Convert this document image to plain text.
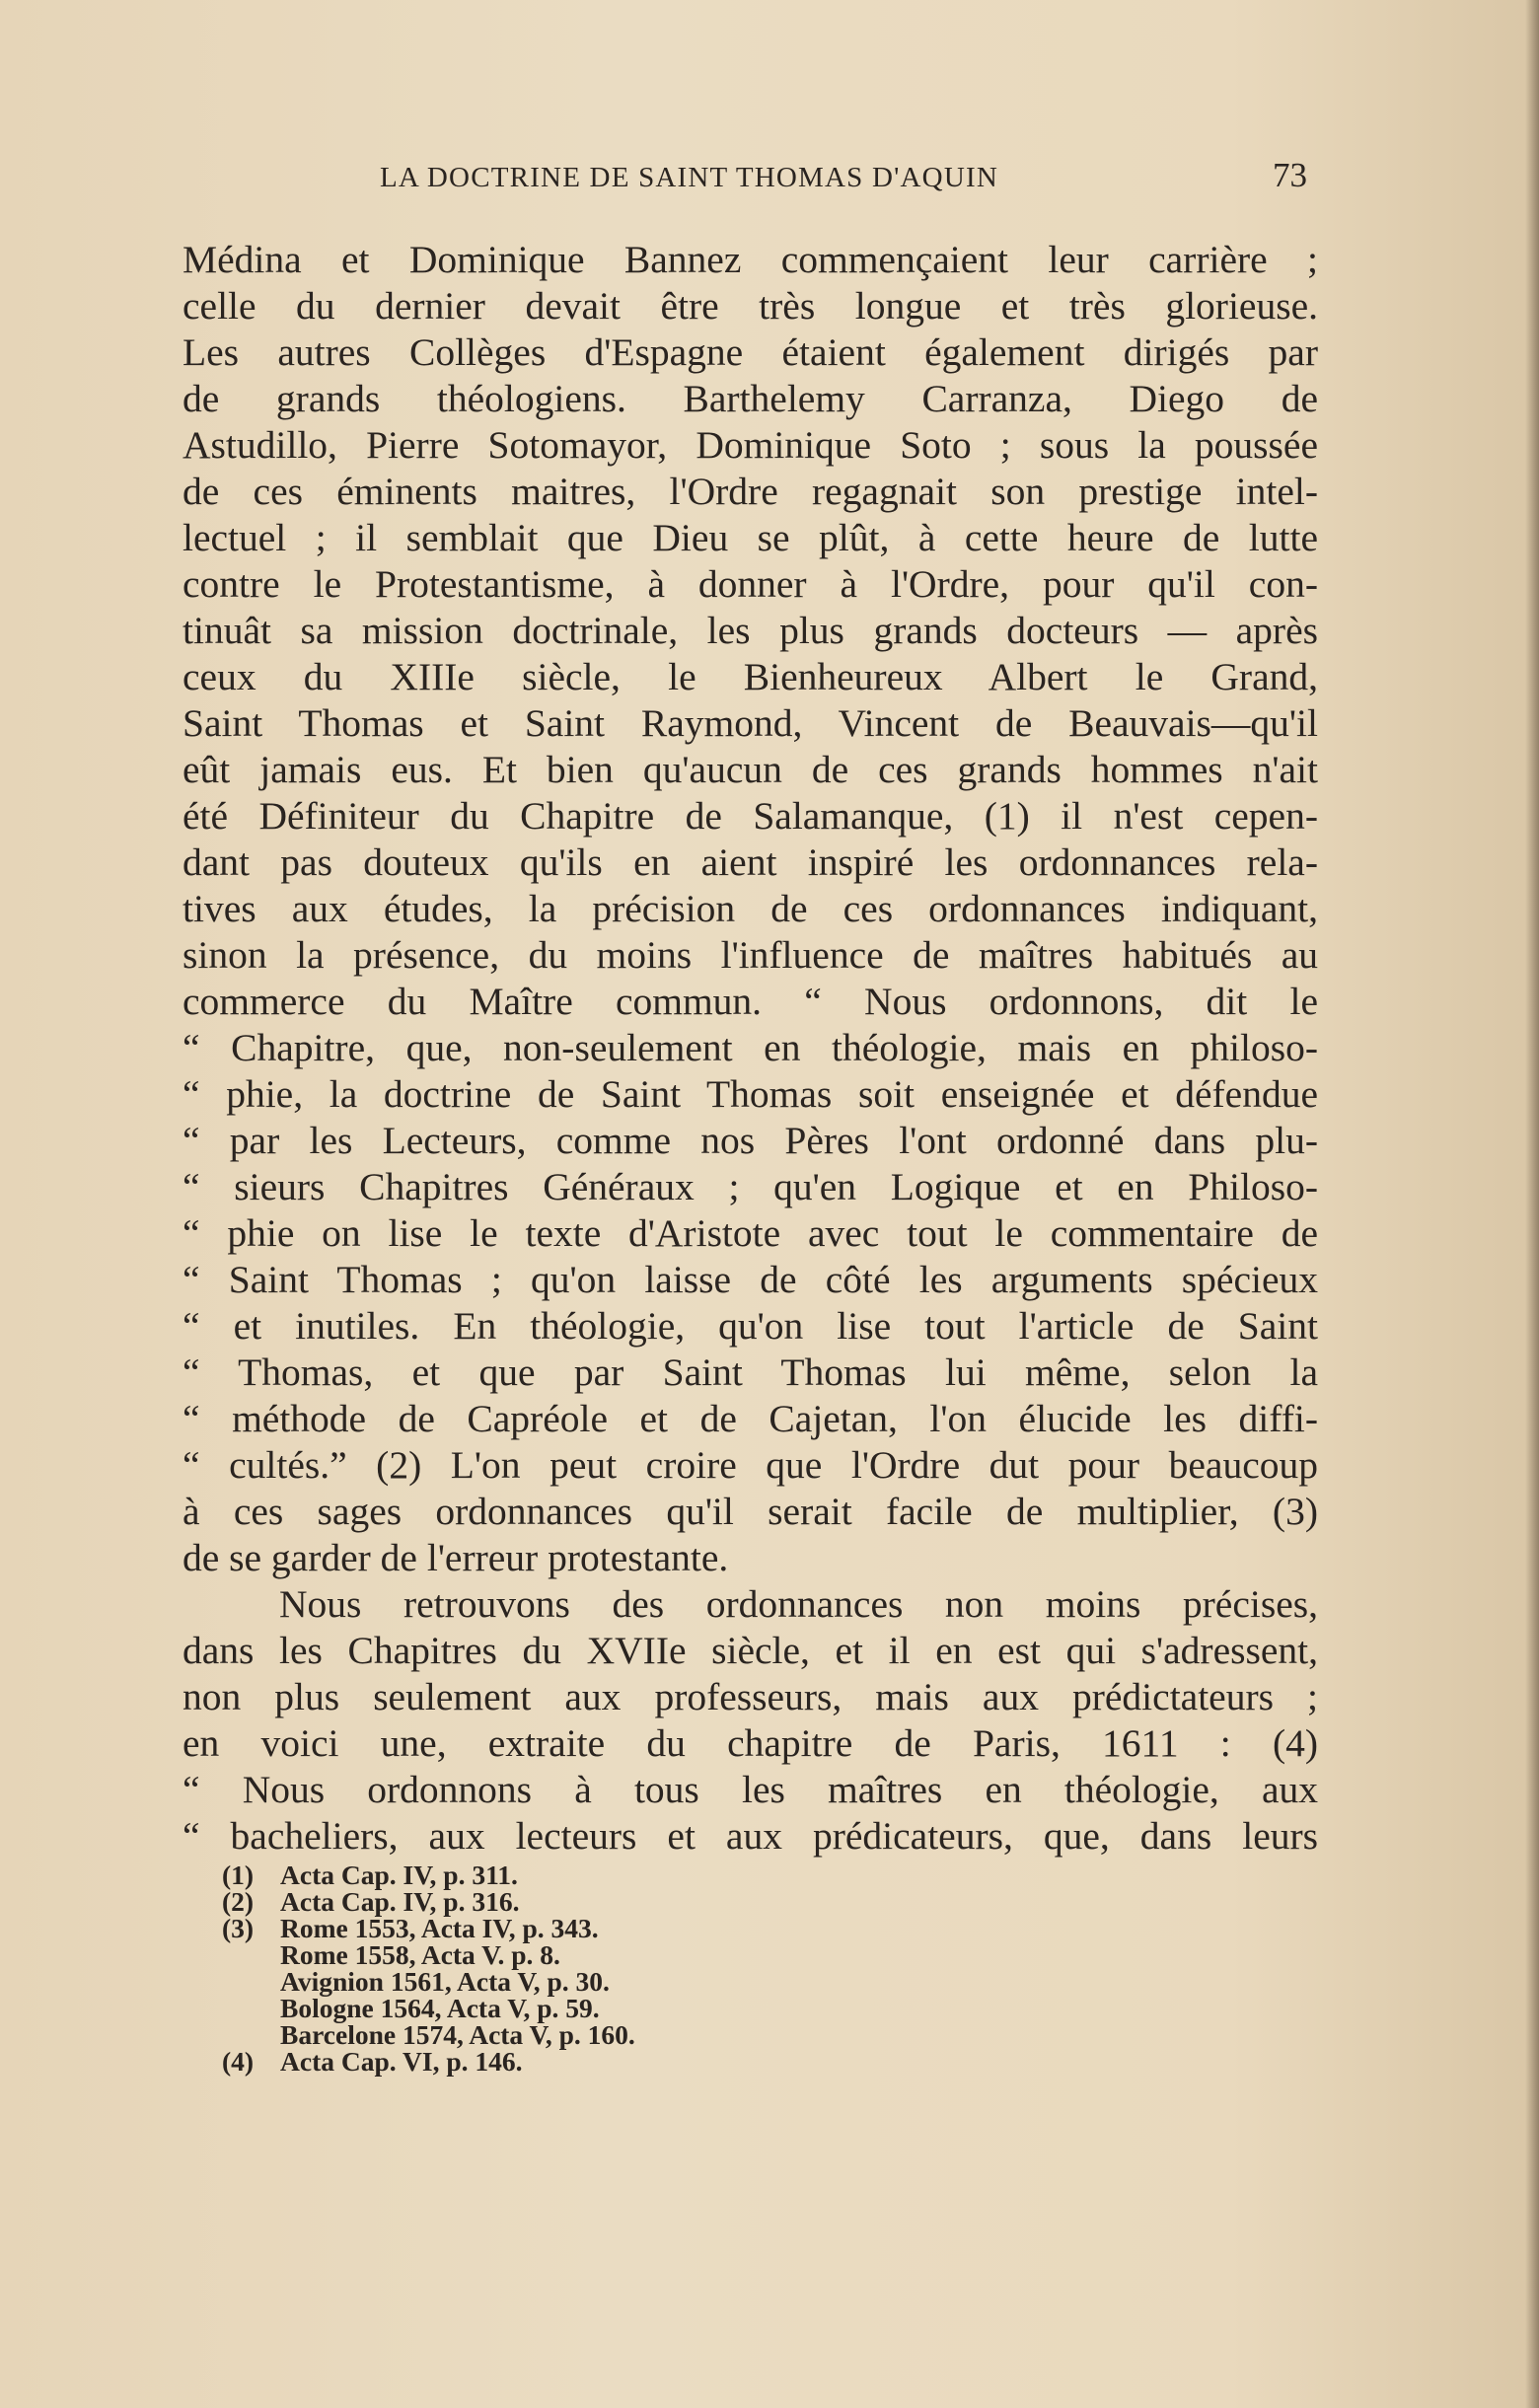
LA DOCTRINE DE SAINT THOMAS D'AQUIN	73
Médina et Dominique Bannez commençaient leur carrière ;
celle du dernier devait être très longue et très glorieuse.
Les autres Collèges d'Espagne étaient également dirigés par
de grands théologiens. Barthelemy Carranza, Diego de
Astudillo, Pierre Sotomayor, Dominique Soto ; sous la poussée
de ces éminents maitres, l'Ordre regagnait son prestige intel-
lectuel ; il semblait que Dieu se plût, à cette heure de lutte
contre le Protestantisme, à donner à l'Ordre, pour qu'il con-
tinuât sa mission doctrinale, les plus grands docteurs — après
ceux du XIIIe siècle, le Bienheureux Albert le Grand,
Saint Thomas et Saint Raymond, Vincent de Beauvais—qu'il
eût jamais eus. Et bien qu'aucun de ces grands hommes n'ait
été Définiteur du Chapitre de Salamanque, (1) il n'est cepen-
dant pas douteux qu'ils en aient inspiré les ordonnances rela-
tives aux études, la précision de ces ordonnances indiquant,
sinon la présence, du moins l'influence de maîtres habitués au
commerce du Maître commun. “ Nous ordonnons, dit le
“ Chapitre, que, non-seulement en théologie, mais en philoso-
“ phie, la doctrine de Saint Thomas soit enseignée et défendue
“ par les Lecteurs, comme nos Pères l'ont ordonné dans plu-
“ sieurs Chapitres Généraux ; qu'en Logique et en Philoso-
“ phie on lise le texte d'Aristote avec tout le commentaire de
“ Saint Thomas ; qu'on laisse de côté les arguments spécieux
“ et inutiles. En théologie, qu'on lise tout l'article de Saint
“ Thomas, et que par Saint Thomas lui même, selon la
“ méthode de Capréole et de Cajetan, l'on élucide les diffi-
“ cultés.” (2) L'on peut croire que l'Ordre dut pour beaucoup
à ces sages ordonnances qu'il serait facile de multiplier, (3)
de se garder de l'erreur protestante.
Nous retrouvons des ordonnances non moins précises,
dans les Chapitres du XVIIe siècle, et il en est qui s'adressent,
non plus seulement aux professeurs, mais aux prédictateurs ;
en voici une, extraite du chapitre de Paris, 1611 : (4)
“ Nous ordonnons à tous les maîtres en théologie, aux
“ bacheliers, aux lecteurs et aux prédicateurs, que, dans leurs
(1) Acta Cap. IV, p. 311.
(2) Acta Cap. IV, p. 316.
(3) Rome 1553, Acta IV, p. 343.
Rome 1558, Acta V. p. 8.
Avignion 1561, Acta V, p. 30.
Bologne 1564, Acta V, p. 59.
Barcelone 1574, Acta V, p. 160.
(4) Acta Cap. VI, p. 146.
